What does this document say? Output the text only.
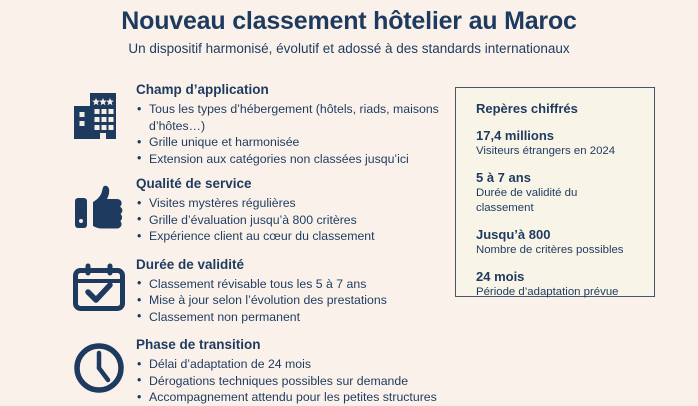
Nouveau classement hôtelier au Maroc

Un dispositif harmonisé, évolutif et adossé à des standards internationaux

Champ d’application
• Tous les types d’hébergement (hôtels, riads, maisons d’hôtes…)
• Grille unique et harmonisée
• Extension aux catégories non classées jusqu’ici
Qualité de service
• Visites mystères régulières
• Grille d’évaluation jusqu’à 800 critères
• Expérience client au cœur du classement
Durée de validité
• Classement révisable tous les 5 à 7 ans
• Mise à jour selon l’évolution des prestations
• Classement non permanent
Phase de transition
• Délai d’adaptation de 24 mois
• Dérogations techniques possibles sur demande
• Accompagnement attendu pour les petites structures
Repères chiffrés
17,4 millions
Visiteurs étrangers en 2024
5 à 7 ans
Durée de validité du classement
Jusqu’à 800
Nombre de critères possibles
24 mois
Période d’adaptation prévue
